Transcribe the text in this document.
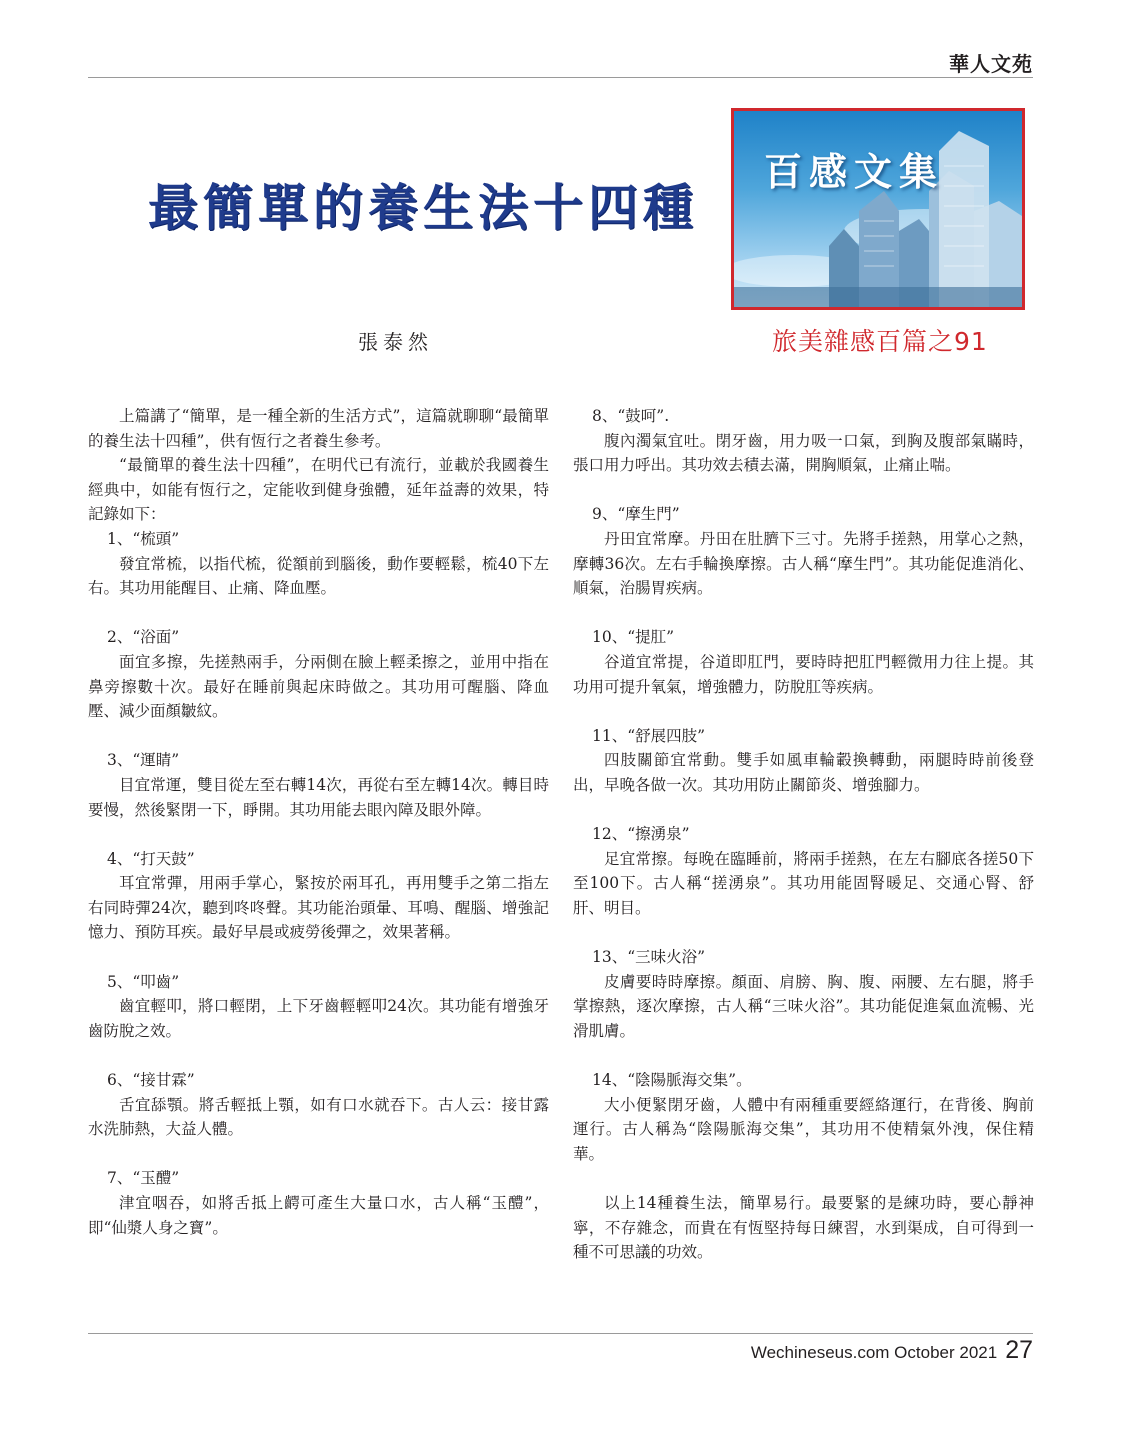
華人文苑
最簡單的養生法十四種
百感文集
旅美雜感百篇之91
張泰然

上篇講了“簡單，是一種全新的生活方式”，這篇就聊聊“最簡單的養生法十四種”，供有恆行之者養生參考。

“最簡單的養生法十四種”，在明代已有流行，並載於我國養生經典中，如能有恆行之，定能收到健身強體，延年益壽的效果，特記錄如下：

1、“梳頭”

發宜常梳，以指代梳，從額前到腦後，動作要輕鬆，梳40下左右。其功用能醒目、止痛、降血壓。

2、“浴面”

面宜多擦，先搓熱兩手，分兩側在臉上輕柔擦之，並用中指在鼻旁擦數十次。最好在睡前與起床時做之。其功用可醒腦、降血壓、減少面顏皺紋。

3、“運睛”

目宜常運，雙目從左至右轉14次，再從右至左轉14次。轉目時要慢，然後緊閉一下，睜開。其功用能去眼內障及眼外障。

4、“打天鼓”

耳宜常彈，用兩手掌心，緊按於兩耳孔，再用雙手之第二指左右同時彈24次，聽到咚咚聲。其功能治頭暈、耳鳴、醒腦、增強記憶力、預防耳疾。最好早晨或疲勞後彈之，效果著稱。

5、“叩齒”

齒宜輕叩，將口輕閉，上下牙齒輕輕叩24次。其功能有增強牙齒防脫之效。

6、“接甘霖”

舌宜舔顎。將舌輕抵上顎，如有口水就吞下。古人云：接甘露水洗肺熱，大益人體。

7、“玉醴”

津宜咽吞，如將舌抵上齶可產生大量口水，古人稱“玉醴”，即“仙漿人身之寶”。

8、“鼓呵”.

腹內濁氣宜吐。閉牙齒，用力吸一口氣，到胸及腹部氣瞞時，張口用力呼出。其功效去積去滿，開胸順氣，止痛止喘。

9、“摩生門”

丹田宜常摩。丹田在肚臍下三寸。先將手搓熱，用掌心之熱，摩轉36次。左右手輪換摩擦。古人稱“摩生門”。其功能促進消化、順氣，治腸胃疾病。

10、“提肛”

谷道宜常提，谷道即肛門，要時時把肛門輕微用力往上提。其功用可提升氧氣，增強體力，防脫肛等疾病。

11、“舒展四肢”

四肢關節宜常動。雙手如風車輪轂換轉動，兩腿時時前後登出，早晚各做一次。其功用防止關節炎、增強腳力。

12、“擦湧泉”

足宜常擦。每晚在臨睡前，將兩手搓熱，在左右腳底各搓50下至100下。古人稱“搓湧泉”。其功用能固腎暖足、交通心腎、舒肝、明目。

13、“三味火浴”

皮膚要時時摩擦。顏面、肩膀、胸、腹、兩腰、左右腿，將手掌擦熱，逐次摩擦，古人稱“三味火浴”。其功能促進氣血流暢、光滑肌膚。

14、“陰陽脈海交集”。

大小便緊閉牙齒，人體中有兩種重要經絡運行，在背後、胸前運行。古人稱為“陰陽脈海交集”，其功用不使精氣外洩，保住精華。

以上14種養生法，簡單易行。最要緊的是練功時，要心靜神寧，不存雜念，而貴在有恆堅持每日練習，水到渠成，自可得到一種不可思議的功效。

Wechineseus.com October 2021 27
